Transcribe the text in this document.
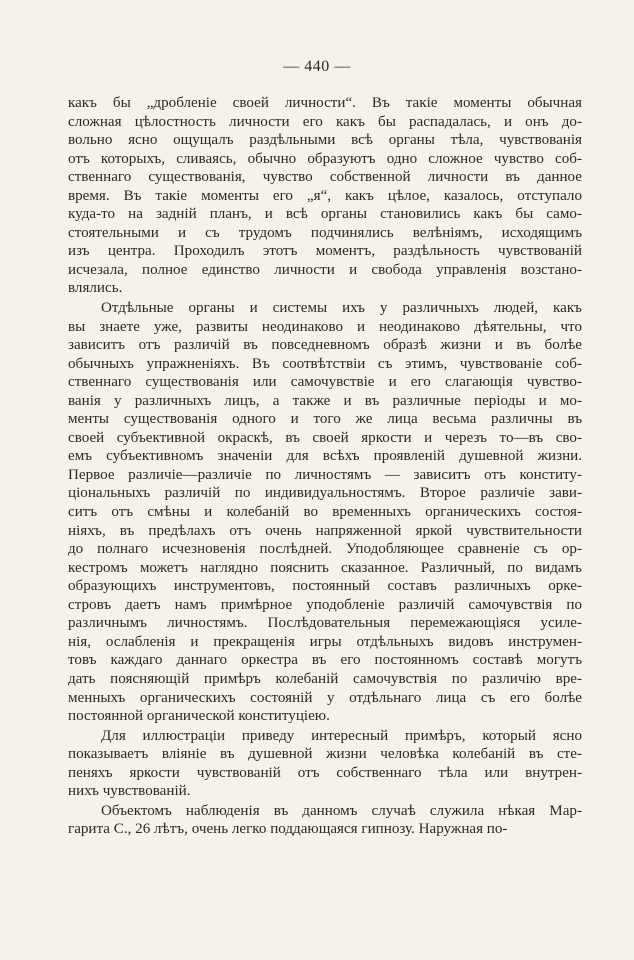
— 440 —
какъ бы „дробленіе своей личности“. Въ такіе моменты обычная
сложная цѣлостность личности его какъ бы распадалась, и онъ до-
вольно ясно ощущалъ раздѣльными всѣ органы тѣла, чувствованія
отъ которыхъ, сливаясь, обычно образуютъ одно сложное чувство соб-
ственнаго существованія, чувство собственной личности въ данное
время. Въ такіе моменты его „я“, какъ цѣлое, казалось, отступало
куда-то на задній планъ, и всѣ органы становились какъ бы само-
стоятельными и съ трудомъ подчинялись велѣніямъ, исходящимъ
изъ центра. Проходилъ этотъ моментъ, раздѣльность чувствованій
исчезала, полное единство личности и свобода управленія возстано-
влялись.
Отдѣльные органы и системы ихъ у различныхъ людей, какъ
вы знаете уже, развиты неодинаково и неодинаково дѣятельны, что
зависитъ отъ различій въ повседневномъ образѣ жизни и въ болѣе
обычныхъ упражненіяхъ. Въ соотвѣтствіи съ этимъ, чувствованіе соб-
ственнаго существованія или самочувствіе и его слагающія чувство-
ванія у различныхъ лицъ, а также и въ различные періоды и мо-
менты существованія одного и того же лица весьма различны въ
своей субъективной окраскѣ, въ своей яркости и черезъ то—въ сво-
емъ субъективномъ значеніи для всѣхъ проявленій душевной жизни.
Первое различіе—различіе по личностямъ — зависитъ отъ конститу-
ціональныхъ различій по индивидуальностямъ. Второе различіе зави-
ситъ отъ смѣны и колебаній во временныхъ органическихъ состоя-
ніяхъ, въ предѣлахъ отъ очень напряженной яркой чувствительности
до полнаго исчезновенія послѣдней. Уподобляющее сравненіе съ ор-
кестромъ можетъ наглядно пояснить сказанное. Различный, по видамъ
образующихъ инструментовъ, постоянный составъ различныхъ орке-
стровъ даетъ намъ примѣрное уподобленіе различій самочувствія по
различнымъ личностямъ. Послѣдовательныя перемежающіяся усиле-
нія, ослабленія и прекращенія игры отдѣльныхъ видовъ инструмен-
товъ каждаго даннаго оркестра въ его постоянномъ составѣ могутъ
дать поясняющій примѣръ колебаній самочувствія по различію вре-
менныхъ органическихъ состояній у отдѣльнаго лица съ его болѣе
постоянной органической конституціею.
Для иллюстраціи приведу интересный примѣръ, который ясно
показываетъ вліяніе въ душевной жизни человѣка колебаній въ сте-
пеняхъ яркости чувствованій отъ собственнаго тѣла или внутрен-
нихъ чувствованій.
Объектомъ наблюденія въ данномъ случаѣ служила нѣкая Мар-
гарита С., 26 лѣтъ, очень легко поддающаяся гипнозу. Наружная по-
